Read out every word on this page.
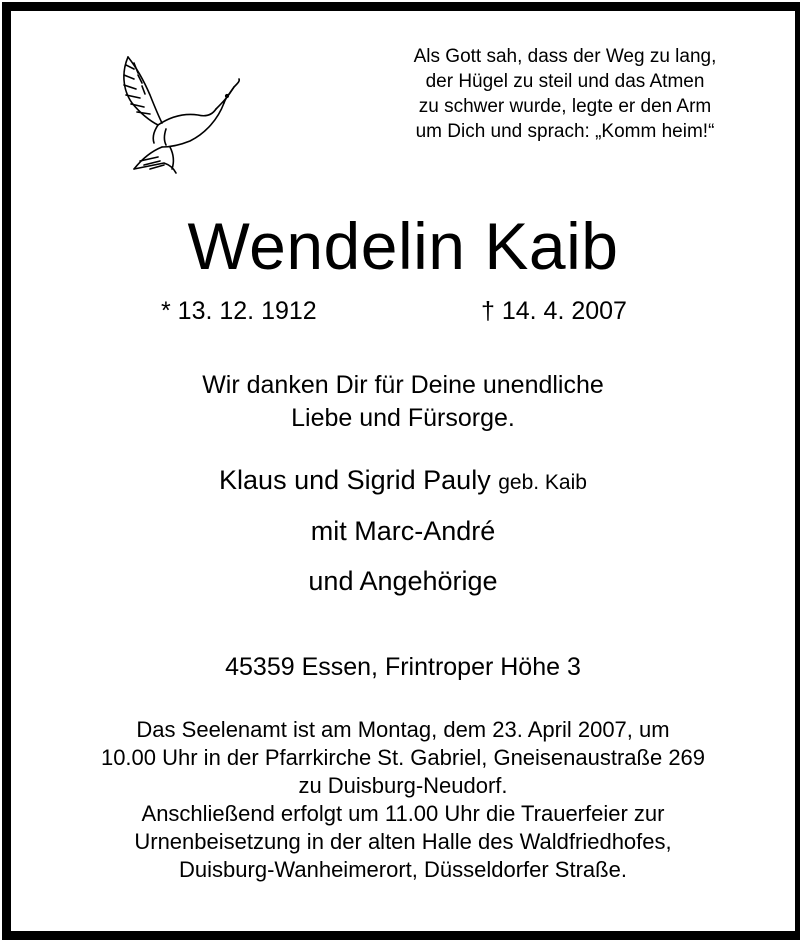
Als Gott sah, dass der Weg zu lang,
der Hügel zu steil und das Atmen
zu schwer wurde, legte er den Arm
um Dich und sprach: „Komm heim!“
Wendelin Kaib
* 13. 12. 1912	† 14. 4. 2007
Wir danken Dir für Deine unendliche
Liebe und Fürsorge.
Klaus und Sigrid Pauly geb. Kaib
mit Marc-André
und Angehörige
45359 Essen, Frintroper Höhe 3
Das Seelenamt ist am Montag, dem 23. April 2007, um
10.00 Uhr in der Pfarrkirche St. Gabriel, Gneisenaustraße 269
zu Duisburg-Neudorf.
Anschließend erfolgt um 11.00 Uhr die Trauerfeier zur
Urnenbeisetzung in der alten Halle des Waldfriedhofes,
Duisburg-Wanheimerort, Düsseldorfer Straße.
